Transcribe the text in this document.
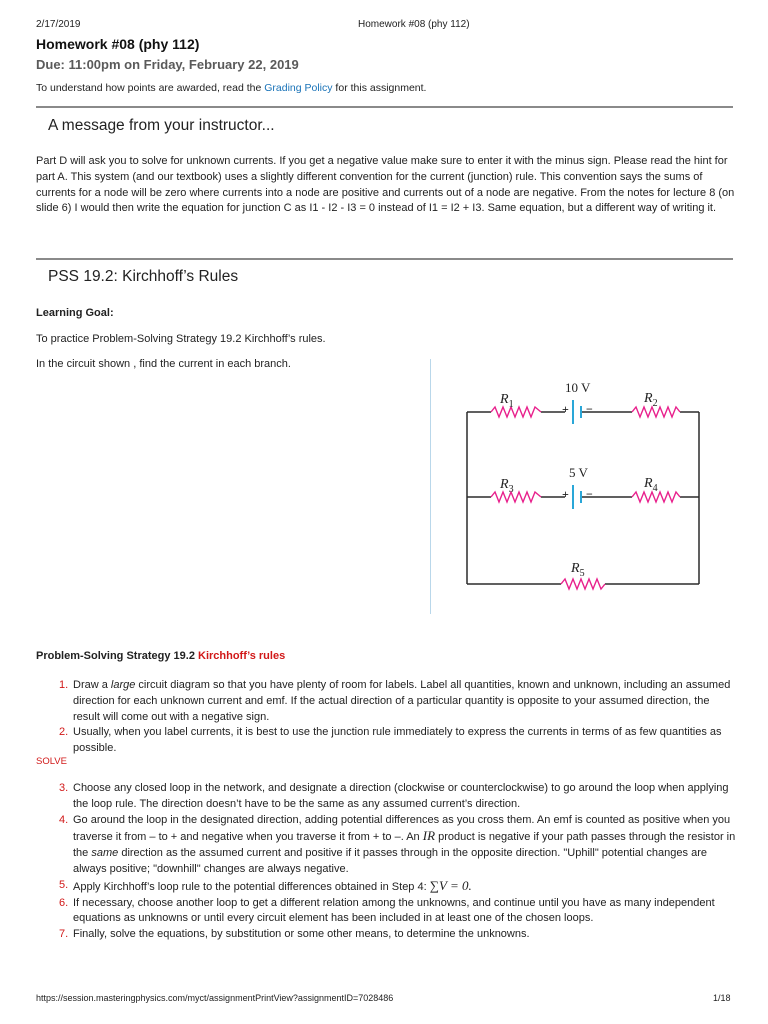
2/17/2019	Homework #08 (phy 112)
Homework #08 (phy 112)
Due: 11:00pm on Friday, February 22, 2019
To understand how points are awarded, read the Grading Policy for this assignment.
A message from your instructor...
Part D will ask you to solve for unknown currents. If you get a negative value make sure to enter it with the minus sign. Please read the hint for part A. This system (and our textbook) uses a slightly different convention for the current (junction) rule. This convention says the sums of currents for a node will be zero where currents into a node are positive and currents out of a node are negative. From the notes for lecture 8 (on slide 6) I would then write the equation for junction C as I1 - I2 - I3 = 0 instead of I1 = I2 + I3. Same equation, but a different way of writing it.
PSS 19.2: Kirchhoff’s Rules
Learning Goal:
To practice Problem-Solving Strategy 19.2 Kirchhoff’s rules.
In the circuit shown , find the current in each branch.
10 V
5 V
+ −
+ −
$R_1$	$R_2$
$R_3$	$R_4$
$R_5$
Problem-Solving Strategy 19.2 Kirchhoff’s rules
1. Draw a large circuit diagram so that you have plenty of room for labels. Label all quantities, known and unknown, including an assumed direction for each unknown current and emf. If the actual direction of a particular quantity is opposite to your assumed direction, the result will come out with a negative sign.
2. Usually, when you label currents, it is best to use the junction rule immediately to express the currents in terms of as few quantities as possible.
SOLVE
3. Choose any closed loop in the network, and designate a direction (clockwise or counterclockwise) to go around the loop when applying the loop rule. The direction doesn’t have to be the same as any assumed current’s direction.
4. Go around the loop in the designated direction, adding potential differences as you cross them. An emf is counted as positive when you traverse it from – to + and negative when you traverse it from + to –. An IR product is negative if your path passes through the resistor in the same direction as the assumed current and positive if it passes through in the opposite direction. "Uphill" potential changes are always positive; "downhill" changes are always negative.
5. Apply Kirchhoff’s loop rule to the potential differences obtained in Step 4: ∑V = 0.
6. If necessary, choose another loop to get a different relation among the unknowns, and continue until you have as many independent equations as unknowns or until every circuit element has been included in at least one of the chosen loops.
7. Finally, solve the equations, by substitution or some other means, to determine the unknowns.
https://session.masteringphysics.com/myct/assignmentPrintView?assignmentID=7028486	1/18
